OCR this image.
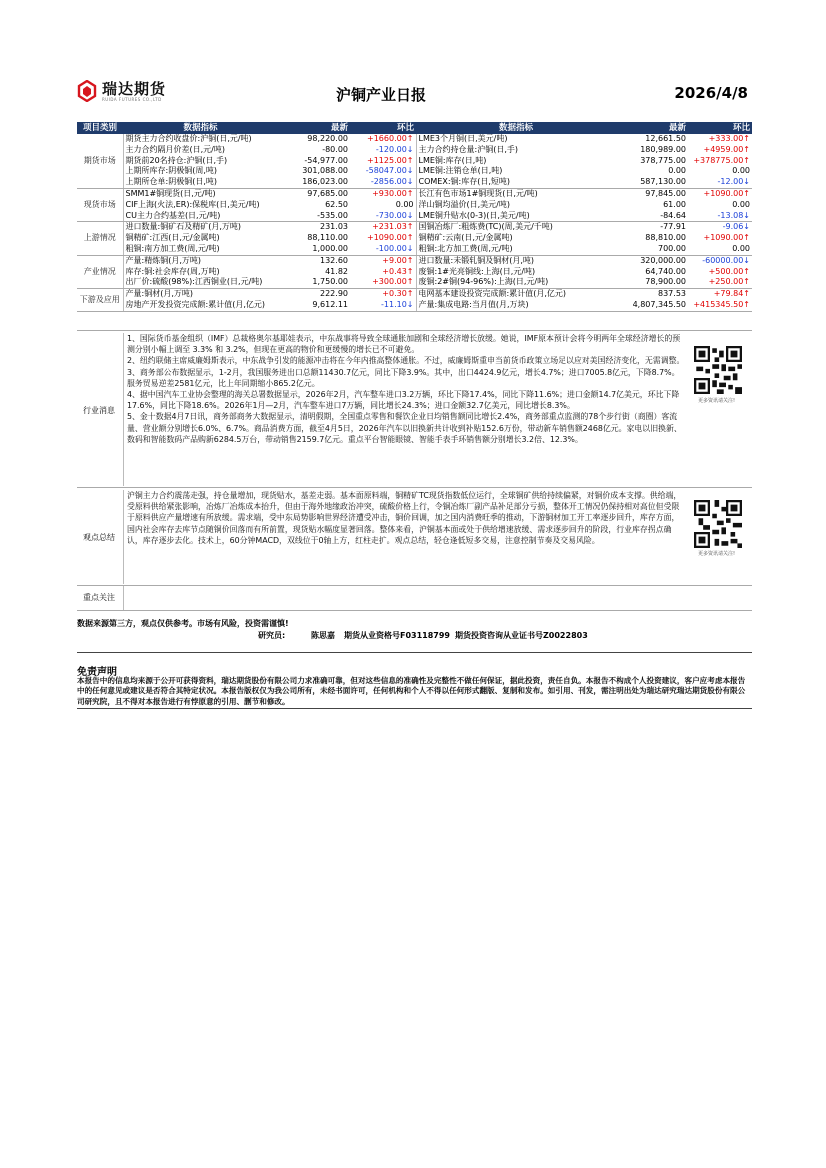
瑞达期货
RUIDA FUTURES CO.,LTD	沪铜产业日报	2026/4/8
项目类别	数据指标	最新	环比	数据指标	最新	环比
期货市场	期货主力合约收盘价:沪铜(日,元/吨)	98,220.00	+1660.00↑	LME3个月铜(日,美元/吨)	12,661.50	+333.00↑
	主力合约隔月价差(日,元/吨)	-80.00	-120.00↓	主力合约持仓量:沪铜(日,手)	180,989.00	+4959.00↑
	期货前20名持仓:沪铜(日,手)	-54,977.00	+1125.00↑	LME铜:库存(日,吨)	378,775.00	+378775.00↑
	上期所库存:阴极铜(周,吨)	301,088.00	-58047.00↓	LME铜:注销仓单(日,吨)	0.00	0.00
	上期所仓单:阴极铜(日,吨)	186,023.00	-2856.00↓	COMEX:铜:库存(日,短吨)	587,130.00	-12.00↓
现货市场	SMM1#铜现货(日,元/吨)	97,685.00	+930.00↑	长江有色市场1#铜现货(日,元/吨)	97,845.00	+1090.00↑
	CIF上海(火法,ER):保税库(日,美元/吨)	62.50	0.00	洋山铜均溢价(日,美元/吨)	61.00	0.00
	CU主力合约基差(日,元/吨)	-535.00	-730.00↓	LME铜升贴水(0-3)(日,美元/吨)	-84.64	-13.08↓
上游情况	进口数量:铜矿石及精矿(月,万吨)	231.03	+231.03↑	国铜冶炼厂:粗炼费(TC)(周,美元/千吨)	-77.91	-9.06↓
	铜精矿:江西(日,元/金属吨)	88,110.00	+1090.00↑	铜精矿:云南(日,元/金属吨)	88,810.00	+1090.00↑
	粗铜:南方加工费(周,元/吨)	1,000.00	-100.00↓	粗铜:北方加工费(周,元/吨)	700.00	0.00
产业情况	产量:精炼铜(月,万吨)	132.60	+9.00↑	进口数量:未锻轧铜及铜材(月,吨)	320,000.00	-60000.00↓
	库存:铜:社会库存(周,万吨)	41.82	+0.43↑	废铜:1#光亮铜线:上海(日,元/吨)	64,740.00	+500.00↑
	出厂价:硫酸(98%):江西铜业(日,元/吨)	1,750.00	+300.00↑	废铜:2#铜(94-96%):上海(日,元/吨)	78,900.00	+250.00↑
下游及应用	产量:铜材(月,万吨)	222.90	+0.30↑	电网基本建设投资完成额:累计值(月,亿元)	837.53	+79.84↑
	房地产开发投资完成额:累计值(月,亿元)	9,612.11	-11.10↓	产量:集成电路:当月值(月,万块)	4,807,345.50	+415345.50↑
行业消息
1、国际货币基金组织（IMF）总裁格奥尔基耶娃表示，中东战事将导致全球通胀加剧和全球经济增长放缓。她说，IMF原本预计会将今明两年全球经济增长的预测分别小幅上调至 3.3% 和 3.2%，但现在更高的物价和更缓慢的增长已不可避免。
2、纽约联储主席威廉姆斯表示，中东战争引发的能源冲击将在今年内推高整体通胀。不过，威廉姆斯重申当前货币政策立场足以应对美国经济变化，无需调整。
3、商务部公布数据显示，1-2月，我国服务进出口总额11430.7亿元，同比下降3.9%。其中，出口4424.9亿元，增长4.7%；进口7005.8亿元，下降8.7%。服务贸易逆差2581亿元，比上年同期缩小865.2亿元。
4、据中国汽车工业协会整理的海关总署数据显示，2026年2月，汽车整车进口3.2万辆，环比下降17.4%，同比下降11.6%；进口金额14.7亿美元，环比下降17.6%，同比下降18.6%。2026年1月—2月，汽车整车进口7万辆，同比增长24.3%；进口金额32.7亿美元，同比增长8.3%。
5、金十数据4月7日讯，商务部商务大数据显示，清明假期，全国重点零售和餐饮企业日均销售额同比增长2.4%，商务部重点监测的78个步行街（商圈）客流量、营业额分别增长6.0%、6.7%。商品消费方面，截至4月5日，2026年汽车以旧换新共计收到补贴152.6万份，带动新车销售额2468亿元。家电以旧换新、数码和智能数码产品购新6284.5万台，带动销售2159.7亿元。重点平台智能眼镜、智能手表手环销售额分别增长3.2倍、12.3%。
更多资讯请关注!
观点总结
沪铜主力合约震荡走强，持仓量增加，现货贴水，基差走弱。基本面原料端，铜精矿TC现货指数低位运行，全球铜矿供给持续偏紧，对铜价成本支撑。供给端，受原料供给紧张影响，冶炼厂冶炼成本抬升，但由于海外地缘政治冲突，硫酸价格上行，令铜冶炼厂副产品补足部分亏损，整体开工情况仍保持相对高位但受限于原料供应产量增速有所放缓。需求端，受中东局势影响世界经济遭受冲击，铜价回调，加之国内消费旺季的推动，下游铜材加工开工率逐步回升，库存方面，国内社会库存去库节点随铜价回落而有所前置，现货贴水幅度显著回落。整体来看，沪铜基本面或处于供给增速放缓、需求逐步回升的阶段，行业库存拐点确认，库存逐步去化。技术上，60分钟MACD，双线位于0轴上方，红柱走扩。观点总结，轻仓逢低短多交易，注意控制节奏及交易风险。
更多资讯请关注!
重点关注
数据来源第三方，观点仅供参考。市场有风险，投资需谨慎!
研究员:	陈思嘉 期货从业资格号F03118799 期货投资咨询从业证书号Z0022803
免责声明
本报告中的信息均来源于公开可获得资料，瑞达期货股份有限公司力求准确可靠，但对这些信息的准确性及完整性不做任何保证，据此投资，责任自负。本报告不构成个人投资建议，客户应考虑本报告中的任何意见或建议是否符合其特定状况。本报告版权仅为我公司所有，未经书面许可，任何机构和个人不得以任何形式翻版、复制和发布。如引用、刊发，需注明出处为瑞达研究瑞达期货股份有限公司研究院，且不得对本报告进行有悖原意的引用、删节和修改。
